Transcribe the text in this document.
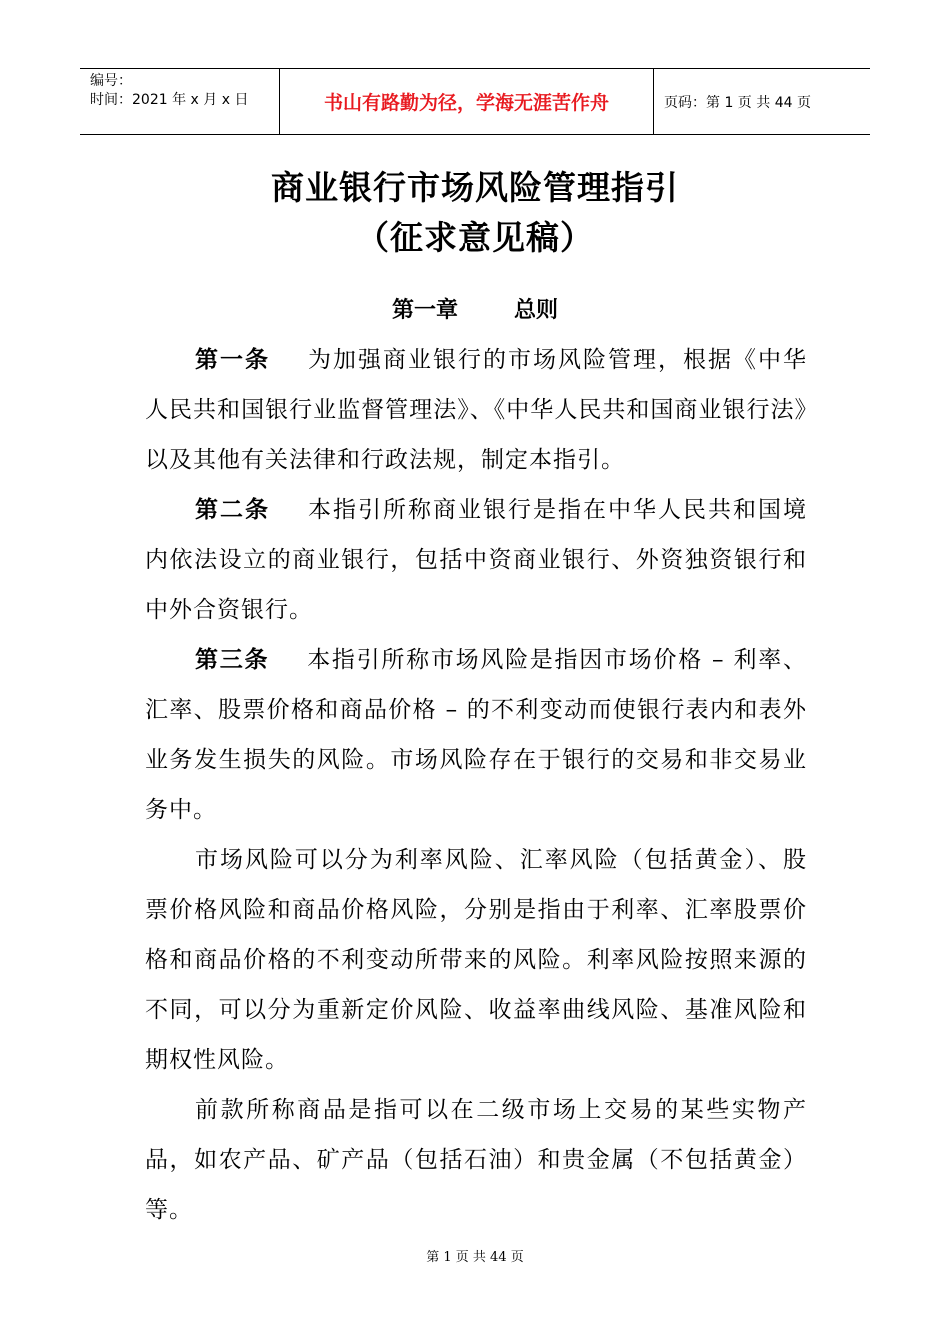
编号：
时间：2021 年 x 月 x 日	书山有路勤为径，学海无涯苦作舟	页码：第 1 页 共 44 页
商业银行市场风险管理指引
（征求意见稿）
第一章	总则

第一条 为加强商业银行的市场风险管理，根据《中华人民共和国银行业监督管理法》、《中华人民共和国商业银行法》以及其他有关法律和行政法规，制定本指引。

第二条 本指引所称商业银行是指在中华人民共和国境内依法设立的商业银行，包括中资商业银行、外资独资银行和中外合资银行。

第三条 本指引所称市场风险是指因市场价格 – 利率、汇率、股票价格和商品价格 – 的不利变动而使银行表内和表外业务发生损失的风险。市场风险存在于银行的交易和非交易业务中。

市场风险可以分为利率风险、汇率风险（包括黄金）、股票价格风险和商品价格风险，分别是指由于利率、汇率股票价格和商品价格的不利变动所带来的风险。利率风险按照来源的不同，可以分为重新定价风险、收益率曲线风险、基准风险和期权性风险。

前款所称商品是指可以在二级市场上交易的某些实物产品，如农产品、矿产品（包括石油）和贵金属（不包括黄金）等。

第 1 页 共 44 页
